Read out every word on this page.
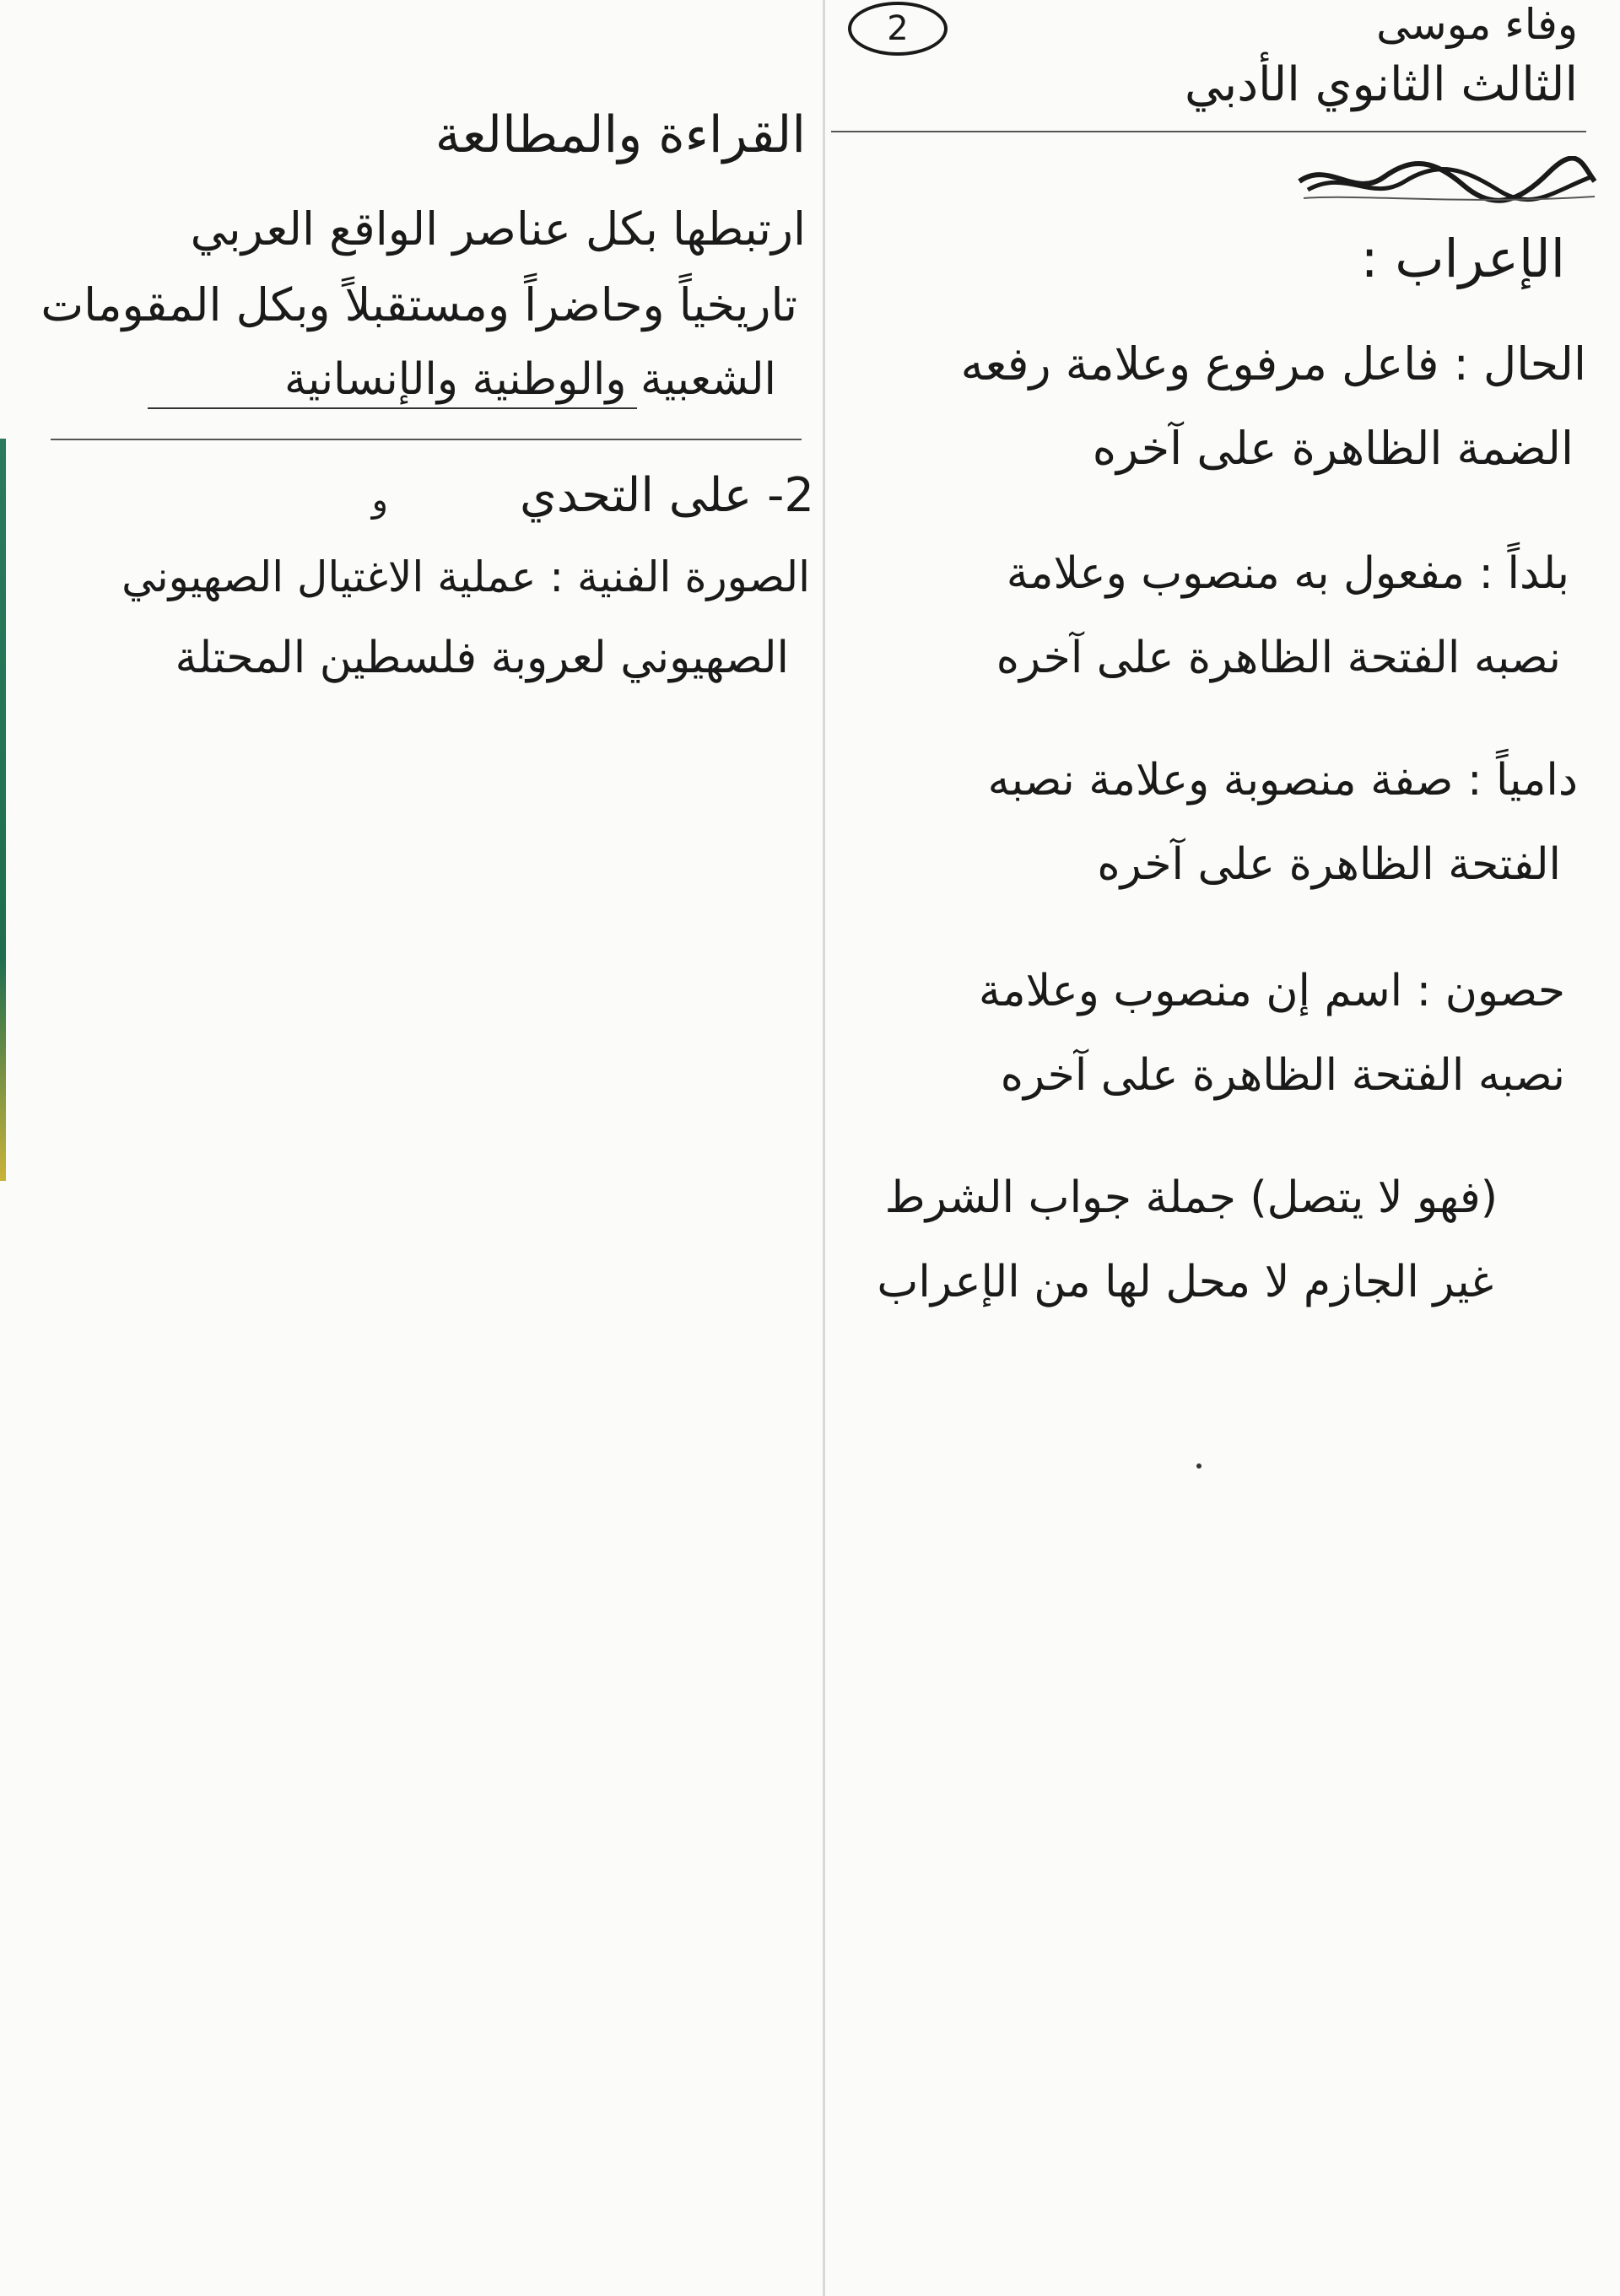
وفاء موسى
2
الثالث الثانوي الأدبي
الإعراب :
الحال : فاعل مرفوع وعلامة رفعه
الضمة الظاهرة على آخره
بلداً : مفعول به منصوب وعلامة
نصبه الفتحة الظاهرة على آخره
دامياً : صفة منصوبة وعلامة نصبه
الفتحة الظاهرة على آخره
حصون : اسم إن منصوب وعلامة
نصبه الفتحة الظاهرة على آخره
(فهو لا يتصل) جملة جواب الشرط
غير الجازم لا محل لها من الإعراب
القراءة والمطالعة
ارتبطها بكل عناصر الواقع العربي
تاريخياً وحاضراً ومستقبلاً وبكل المقومات
الشعبية والوطنية والإنسانية
2- على التحدي
و
الصورة الفنية : عملية الاغتيال الصهيوني
الصهيوني لعروبة فلسطين المحتلة
